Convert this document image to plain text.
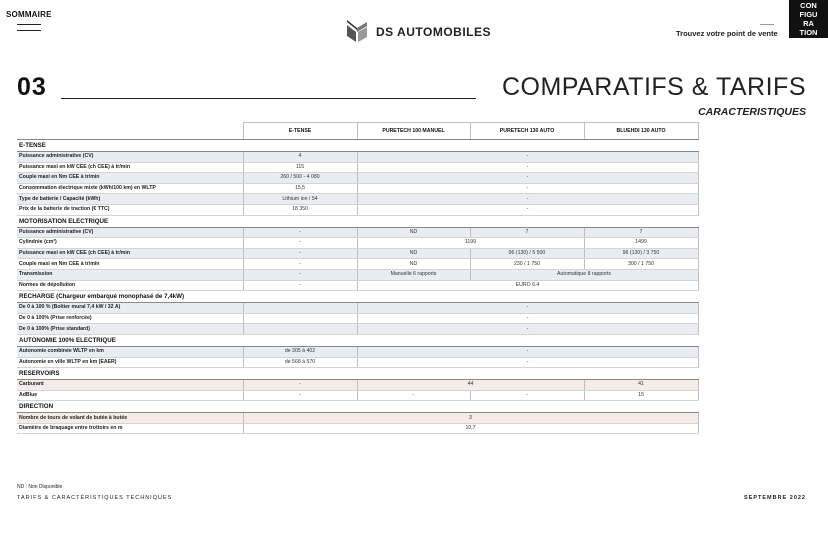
SOMMAIRE
DS AUTOMOBILES	Trouvez votre point de vente
CON
FIGU
RA
TION
03	COMPARATIFS & TARIFS
CARACTERISTIQUES
	E-TENSE	PURETECH 100 MANUEL	PURETECH 130 AUTO	BLUEHDI 130 AUTO
E-TENSE				
Puissance administrative (CV)	4	-		
Puissance maxi en kW CEE (ch CEE) à tr/min	115	-		
Couple maxi en Nm CEE à tr/min	260 / 500 - 4 080	-		
Consommation électrique mixte (kWh/100 km) en WLTP	15,5	-		
Type de batterie / Capacité (kWh)	Lithium ion / 54	-		
Prix de la batterie de traction (€ TTC)	18 350	-		
MOTORISATION ELECTRIQUE				
Puissance administrative (CV)	-	ND	7	7
Cylindrée (cm³)	-	1199		1499
Puissance maxi en kW CEE (ch CEE) à tr/min	-	ND	96 (130) / 5 500	96 (130) / 3 750
Couple maxi en Nm CEE à tr/min	-	ND	230 / 1 750	300 / 1 750
Transmission	-	Manuelle 6 rapports	Automatique 8 rapports	
Normes de dépollution	-	EURO 6.4		
RECHARGE (Chargeur embarqué monophasé de 7,4kW)				
De 0 à 100 % (Boîtier mural 7,4 kW / 32 A)		-		
De 0 à 100% (Prise renforcée)		-		
De 0 à 100% (Prise standard)		-		
AUTONOMIE 100% ELECTRIQUE				
Autonomie combinée WLTP en km	de 305 à 402	-		
Autonomie en ville WLTP en km (EAER)	de 568 à 570	-		
RESERVOIRS				
Carburant	-	44		41
AdBlue	-	-	-	15
DIRECTION				
Nombre de tours de volant de butée à butée	3			
Diamètre de braquage entre trottoirs en m	10,7			
ND : Non Disponible
TARIFS & CARACTÉRISTIQUES TECHNIQUES	SEPTEMBRE 2022
